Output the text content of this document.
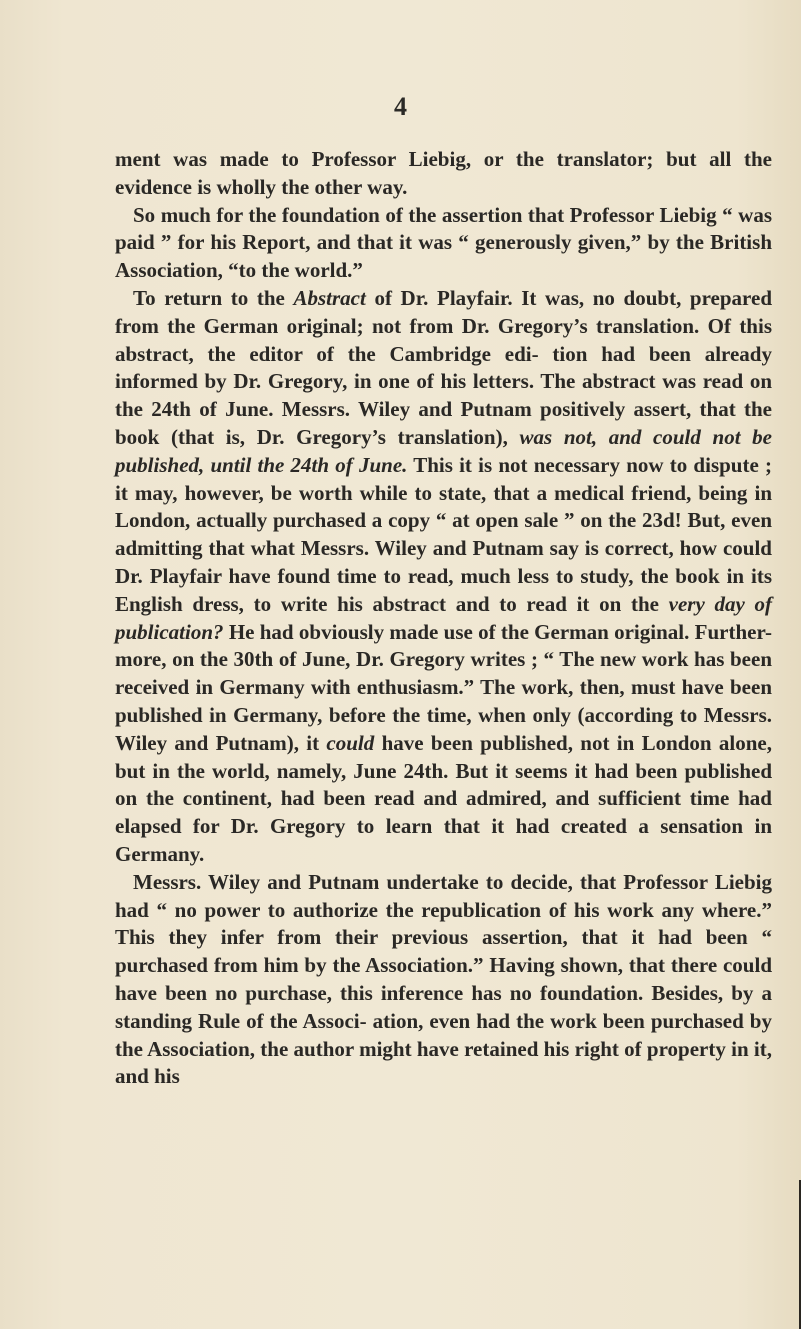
4

ment was made to Professor Liebig, or the translator; but all the evidence is wholly the other way.

So much for the foundation of the assertion that Professor Liebig “ was paid ” for his Report, and that it was “ generously given,” by the British Association, “to the world.”

To return to the Abstract of Dr. Playfair. It was, no doubt, prepared from the German original; not from Dr. Gregory’s translation. Of this abstract, the editor of the Cambridge edi- tion had been already informed by Dr. Gregory, in one of his letters. The abstract was read on the 24th of June. Messrs. Wiley and Putnam positively assert, that the book (that is, Dr. Gregory’s translation), was not, and could not be published, until the 24th of June. This it is not necessary now to dispute ; it may, however, be worth while to state, that a medical friend, being in London, actually purchased a copy “ at open sale ” on the 23d! But, even admitting that what Messrs. Wiley and Putnam say is correct, how could Dr. Playfair have found time to read, much less to study, the book in its English dress, to write his abstract and to read it on the very day of publication? He had obviously made use of the German original. Further- more, on the 30th of June, Dr. Gregory writes ; “ The new work has been received in Germany with enthusiasm.” The work, then, must have been published in Germany, before the time, when only (according to Messrs. Wiley and Putnam), it could have been published, not in London alone, but in the world, namely, June 24th. But it seems it had been published on the continent, had been read and admired, and sufficient time had elapsed for Dr. Gregory to learn that it had created a sensation in Germany.

Messrs. Wiley and Putnam undertake to decide, that Professor Liebig had “ no power to authorize the republication of his work any where.” This they infer from their previous assertion, that it had been “ purchased from him by the Association.” Having shown, that there could have been no purchase, this inference has no foundation. Besides, by a standing Rule of the Associ- ation, even had the work been purchased by the Association, the author might have retained his right of property in it, and his
